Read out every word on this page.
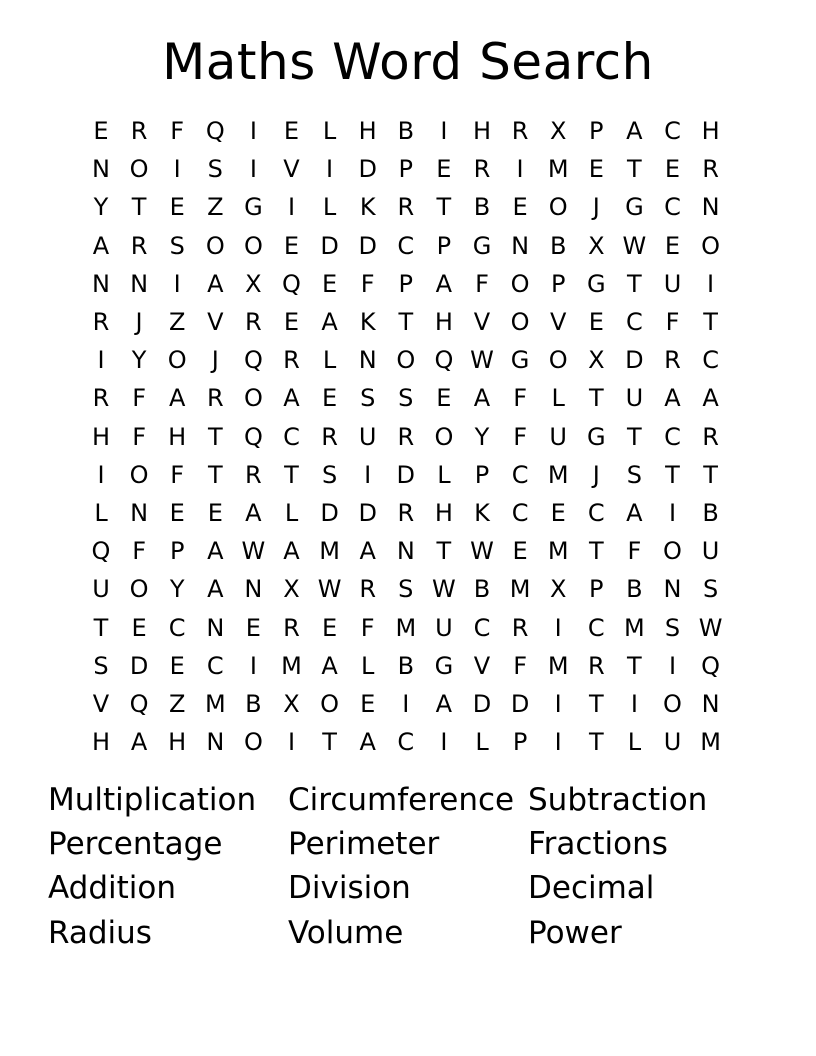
Maths Word Search
E R F Q	I	E L H B	I	H R X P A C H
N O	I	S	I	V	I	D P E R	I	M E T E R
Y T E Z G	I	L K R T B E O	J	G C N
A R S O O E D D C P G N B X W E O
N N	I	A X Q E F P A F O P G T U	I
R	J	Z V R E A K T H V O V E C F T
I	Y O	J	Q R L N O Q W G O X D R C
R F A R O A E S S E A F	L	T U A A
H F H T Q C R U R O Y F U G T C R
I	O F T R T S	I	D L	P C M	J	S T T
L N E E A L D D R H K C E C A	I	B
Q F P A W A M A N T W E M T F O U
U O Y A N X W R S W B M X P B N S
T E C N E R E F M U C R	I	C M S W
S D E C	I	M A L B G V F M R T	I	Q
V Q Z M B X O E	I	A D D	I	T	I	O N
H A H N O	I	T A C	I	L	P	I	T	L U M
Multiplication Circumference Subtraction
Percentage Perimeter	Fractions
Addition	Division	Decimal
Radius	Volume	Power
